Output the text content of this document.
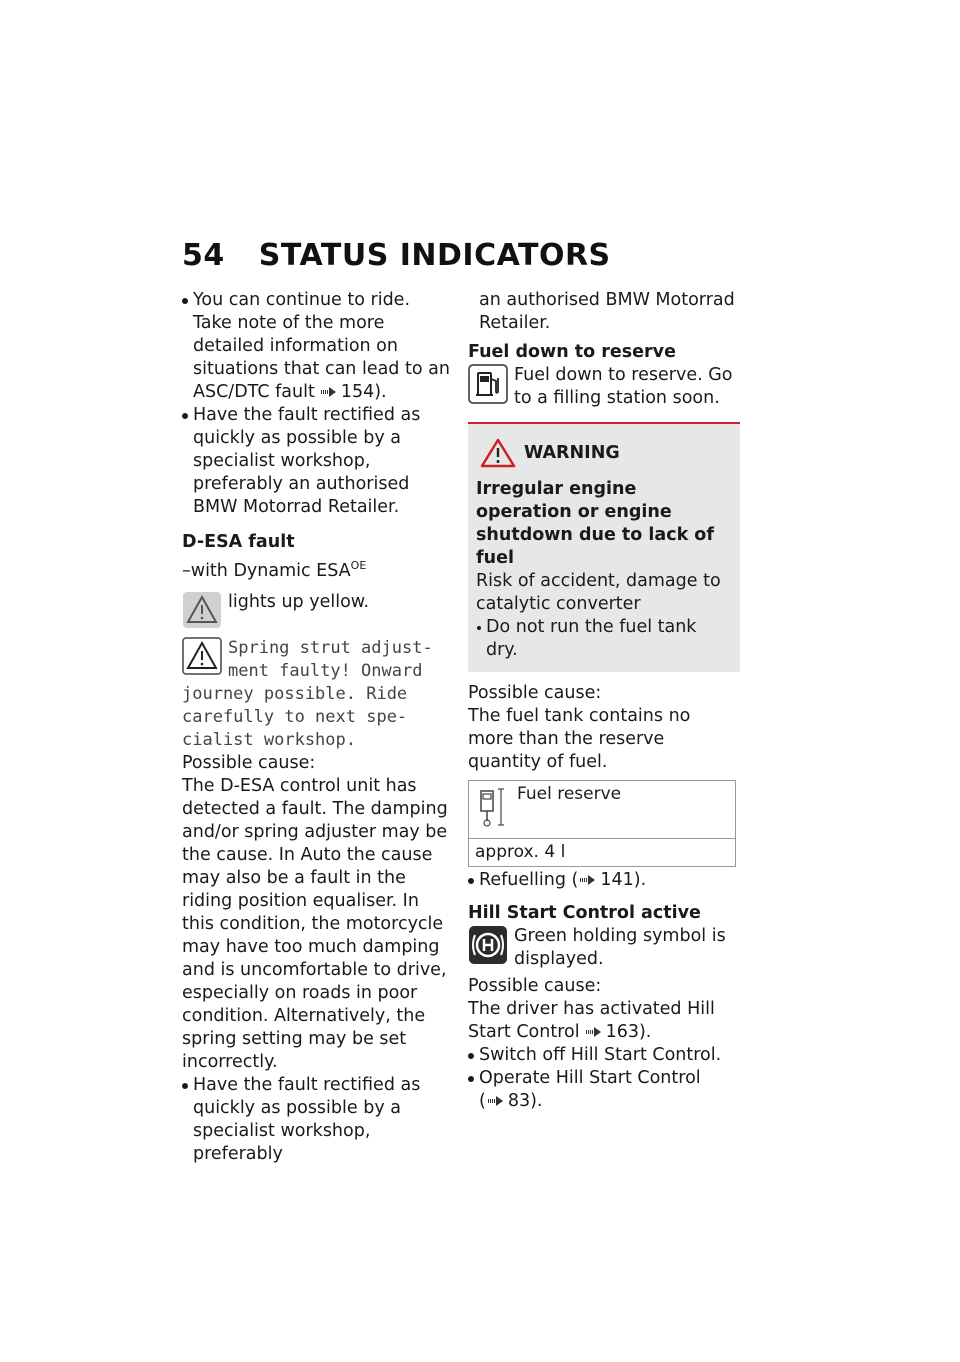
54 STATUS INDICATORS
You can continue to ride.
Take note of the more detailed information on situations that can lead to an ASC/DTC fault 154).
Have the fault rectified as quickly as possible by a specialist workshop, preferably an authorised BMW Motorrad Retailer.
D-ESA fault
–with Dynamic $ESA^{OE}$
lights up yellow.
Spring strut adjust-
ment faulty! Onward
journey possible. Ride
carefully to next spe-
cialist workshop.
Possible cause:
The D-ESA control unit has detected a fault. The damping and/or spring adjuster may be the cause. In Auto the cause may also be a fault in the riding position equaliser. In this condition, the motorcycle may have too much damping and is uncomfortable to drive, especially on roads in poor condition. Alternatively, the spring setting may be set incorrectly.
Have the fault rectified as quickly as possible by a specialist workshop, preferably
an authorised BMW Motorrad Retailer.
Fuel down to reserve
Fuel down to reserve. Go to a filling station soon.
WARNING
Irregular engine operation or engine shutdown due to lack of fuel
Risk of accident, damage to catalytic converter
Do not run the fuel tank dry.
Possible cause:
The fuel tank contains no more than the reserve quantity of fuel.
Fuel reserve

approx. 4 l
Refuelling ( 141).
Hill Start Control active
Green holding symbol is displayed.
Possible cause:
The driver has activated Hill Start Control 163).
Switch off Hill Start Control.
Operate Hill Start Control
( 83).
